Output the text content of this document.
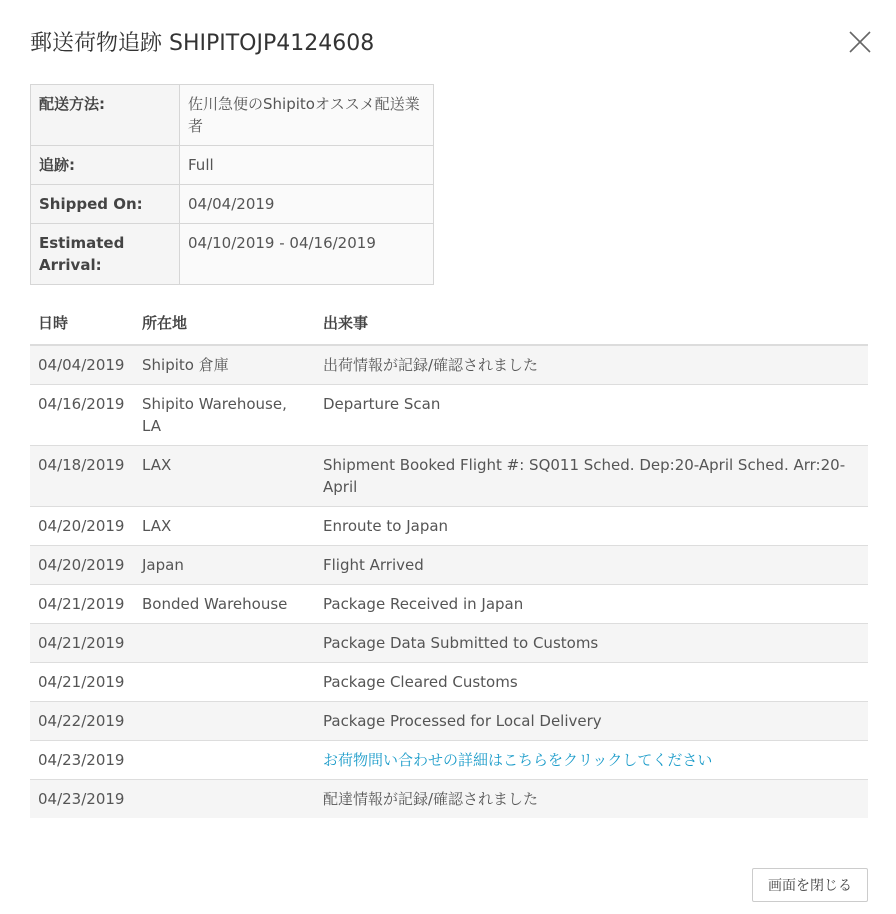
郵送荷物追跡 SHIPITOJP4124608
配送方法:	佐川急便のShipitoオススメ配送業者
追跡:	Full
Shipped On:	04/04/2019
Estimated Arrival:	04/10/2019 - 04/16/2019
日時	所在地	出来事
04/04/2019	Shipito 倉庫	出荷情報が記録/確認されました
04/16/2019	Shipito Warehouse, LA	Departure Scan
04/18/2019	LAX	Shipment Booked Flight #: SQ011 Sched. Dep:20-April Sched. Arr:20-April
04/20/2019	LAX	Enroute to Japan
04/20/2019	Japan	Flight Arrived
04/21/2019	Bonded Warehouse	Package Received in Japan
04/21/2019		Package Data Submitted to Customs
04/21/2019		Package Cleared Customs
04/22/2019		Package Processed for Local Delivery
04/23/2019		お荷物問い合わせの詳細はこちらをクリックしてください
04/23/2019		配達情報が記録/確認されました
画面を閉じる
